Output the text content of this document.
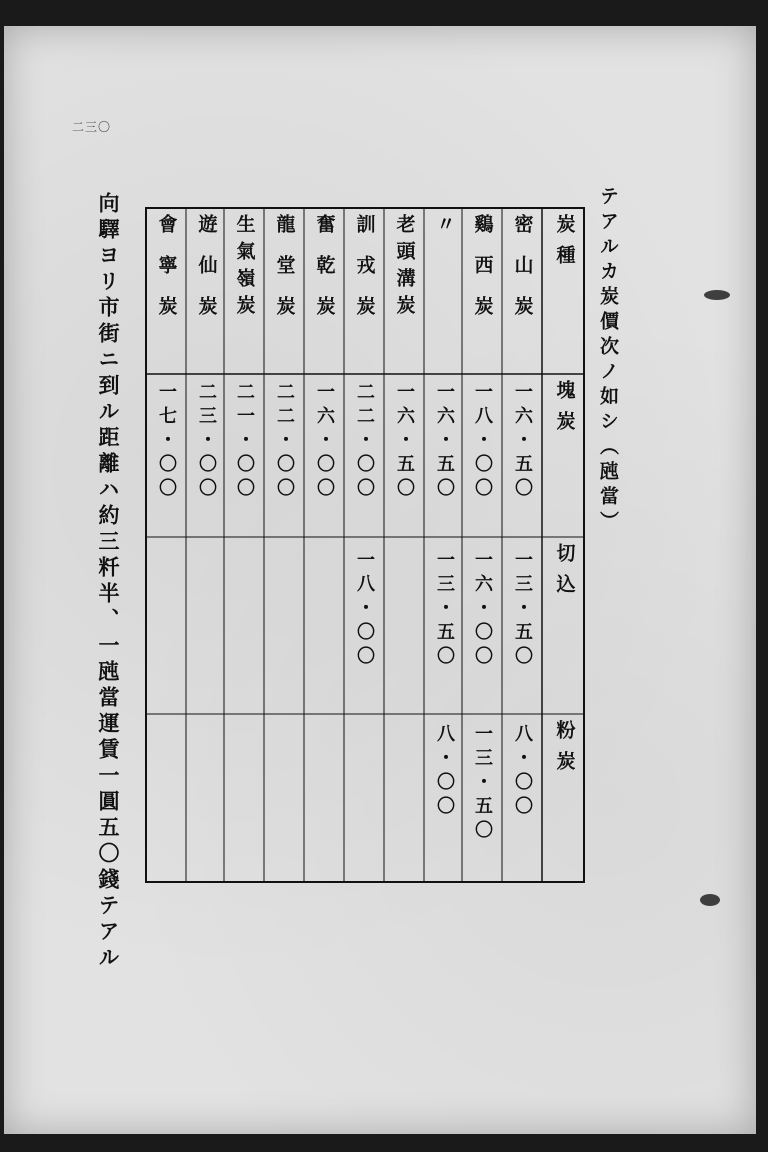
二三〇
テアルカ炭價次ノ如シ（瓲當）
向驛ヨリ市街ニ到ル距離ハ約三粁半、一瓲當運賃一圓五〇錢テアル	炭種
塊炭
切込
粉炭
密山炭
鷄西炭
〃
老頭溝炭
訓戎炭
奮乾炭
龍堂炭
生氣嶺炭
遊仙炭
會寧炭
一六・五〇
一八・〇〇
一六・五〇
一六・五〇
二二・〇〇
一六・〇〇
二二・〇〇
二一・〇〇
二三・〇〇
一七・〇〇
一三・五〇
一六・〇〇
一三・五〇
一八・〇〇
八・〇〇
一三・五〇
八・〇〇
